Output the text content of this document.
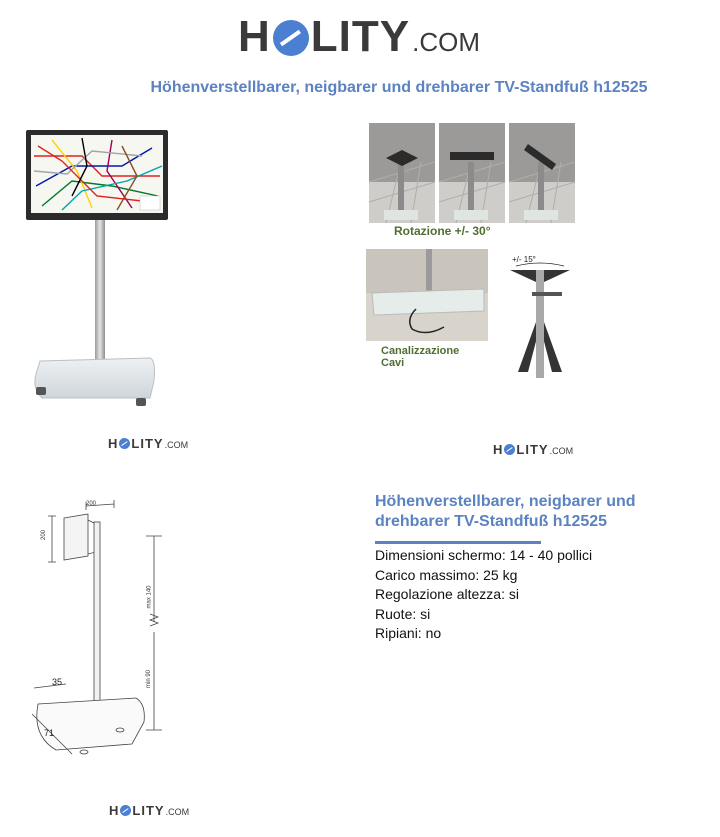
H LITY .COM
Höhenverstellbarer, neigbarer und drehbarer TV-Standfuß h12525
Rotazione +/- 30°
Canalizzazione
Cavi
+/- 15°
200
200
max 140
min 90
35
71
H LITY .COM	H LITY .COM
H LITY .COM
Höhenverstellbarer, neigbarer und drehbarer TV-Standfuß h12525
Dimensioni schermo: 14 - 40 pollici
Carico massimo: 25 kg
Regolazione altezza: si
Ruote: si
Ripiani: no
